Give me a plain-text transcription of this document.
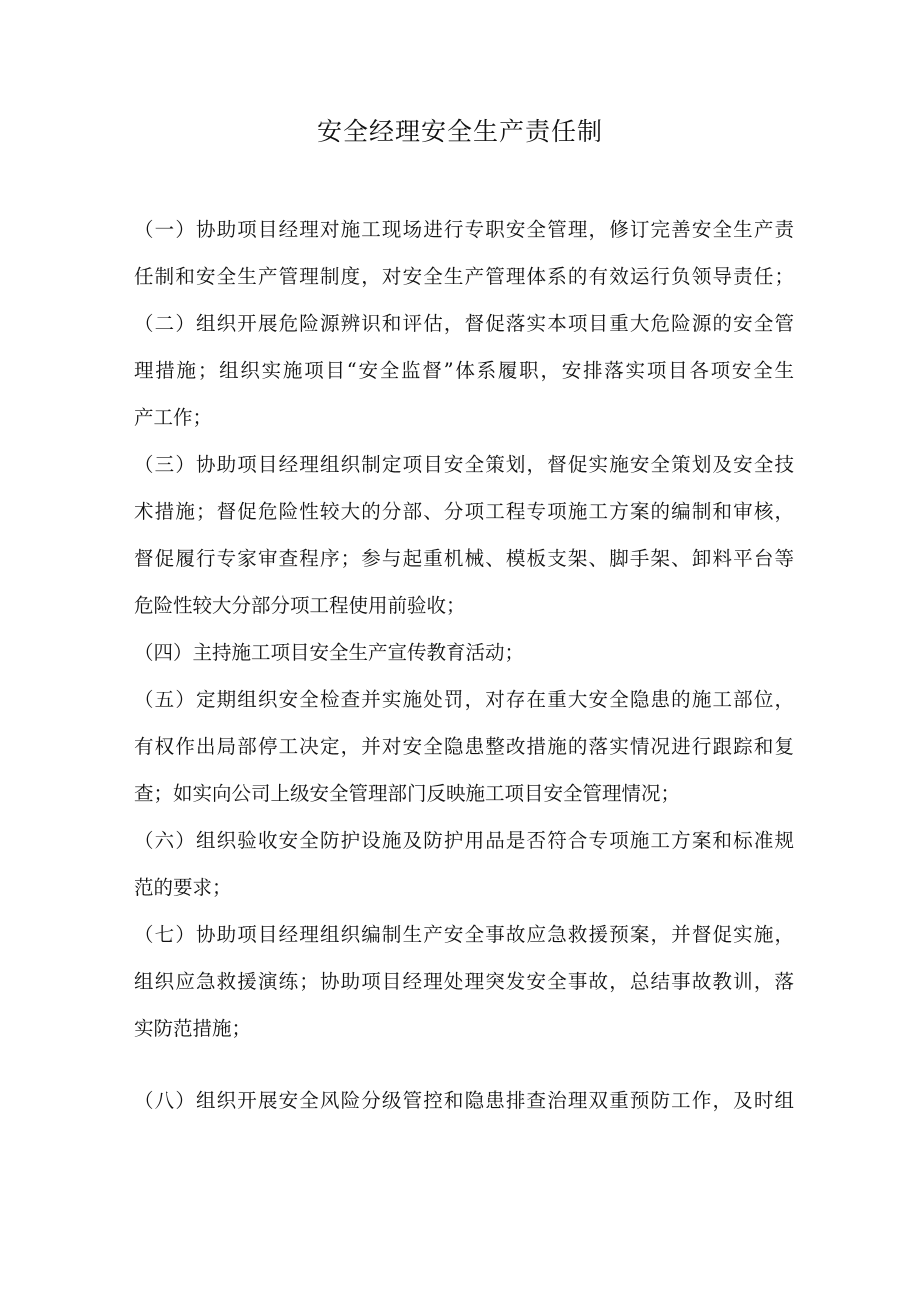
安全经理安全生产责任制

（一）协助项目经理对施工现场进行专职安全管理，修订完善安全生产责

任制和安全生产管理制度，对安全生产管理体系的有效运行负领导责任；

（二）组织开展危险源辨识和评估，督促落实本项目重大危险源的安全管

理措施；组织实施项目“安全监督”体系履职，安排落实项目各项安全生

产工作；

（三）协助项目经理组织制定项目安全策划，督促实施安全策划及安全技

术措施；督促危险性较大的分部、分项工程专项施工方案的编制和审核，

督促履行专家审查程序；参与起重机械、模板支架、脚手架、卸料平台等

危险性较大分部分项工程使用前验收；

（四）主持施工项目安全生产宣传教育活动；

（五）定期组织安全检查并实施处罚，对存在重大安全隐患的施工部位，

有权作出局部停工决定，并对安全隐患整改措施的落实情况进行跟踪和复

查；如实向公司上级安全管理部门反映施工项目安全管理情况；

（六）组织验收安全防护设施及防护用品是否符合专项施工方案和标准规

范的要求；

（七）协助项目经理组织编制生产安全事故应急救援预案，并督促实施，

组织应急救援演练；协助项目经理处理突发安全事故，总结事故教训，落

实防范措施；

（八）组织开展安全风险分级管控和隐患排查治理双重预防工作，及时组
